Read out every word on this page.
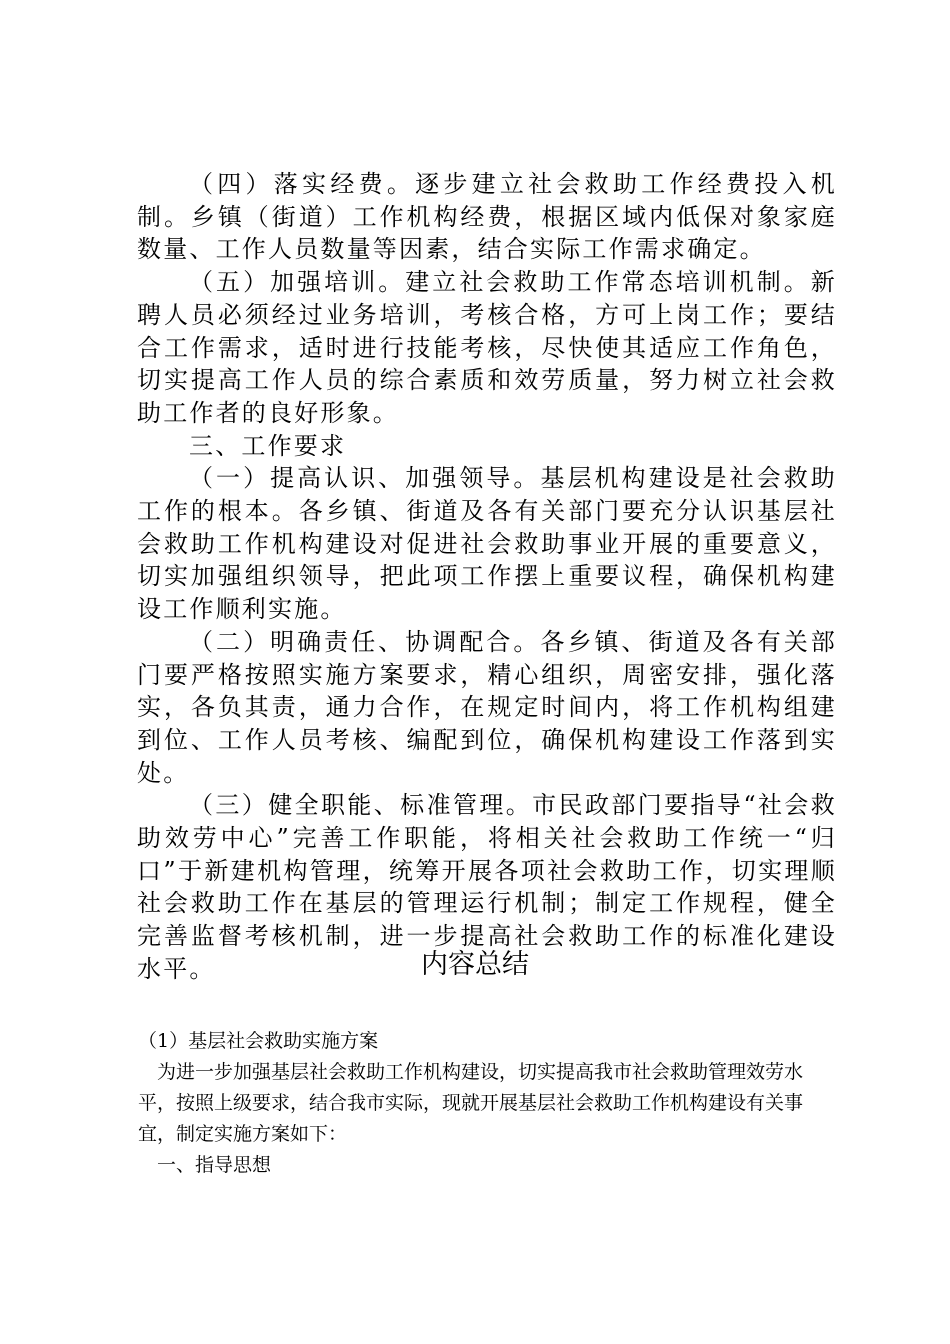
（四）落实经费。逐步建立社会救助工作经费投入机制。乡镇（街道）工作机构经费，根据区域内低保对象家庭数量、工作人员数量等因素，结合实际工作需求确定。

（五）加强培训。建立社会救助工作常态培训机制。新聘人员必须经过业务培训，考核合格，方可上岗工作；要结合工作需求，适时进行技能考核，尽快使其适应工作角色，切实提高工作人员的综合素质和效劳质量，努力树立社会救助工作者的良好形象。

三、工作要求

（一）提高认识、加强领导。基层机构建设是社会救助工作的根本。各乡镇、街道及各有关部门要充分认识基层社会救助工作机构建设对促进社会救助事业开展的重要意义，切实加强组织领导，把此项工作摆上重要议程，确保机构建设工作顺利实施。

（二）明确责任、协调配合。各乡镇、街道及各有关部门要严格按照实施方案要求，精心组织，周密安排，强化落实，各负其责，通力合作，在规定时间内，将工作机构组建到位、工作人员考核、编配到位，确保机构建设工作落到实处。

（三）健全职能、标准管理。市民政部门要指导“社会救助效劳中心”完善工作职能，将相关社会救助工作统一“归口”于新建机构管理，统筹开展各项社会救助工作，切实理顺社会救助工作在基层的管理运行机制；制定工作规程，健全完善监督考核机制，进一步提高社会救助工作的标准化建设水平。	内容总结

（1）基层社会救助实施方案

为进一步加强基层社会救助工作机构建设，切实提高我市社会救助管理效劳水平，按照上级要求，结合我市实际，现就开展基层社会救助工作机构建设有关事宜，制定实施方案如下：

一、指导思想
